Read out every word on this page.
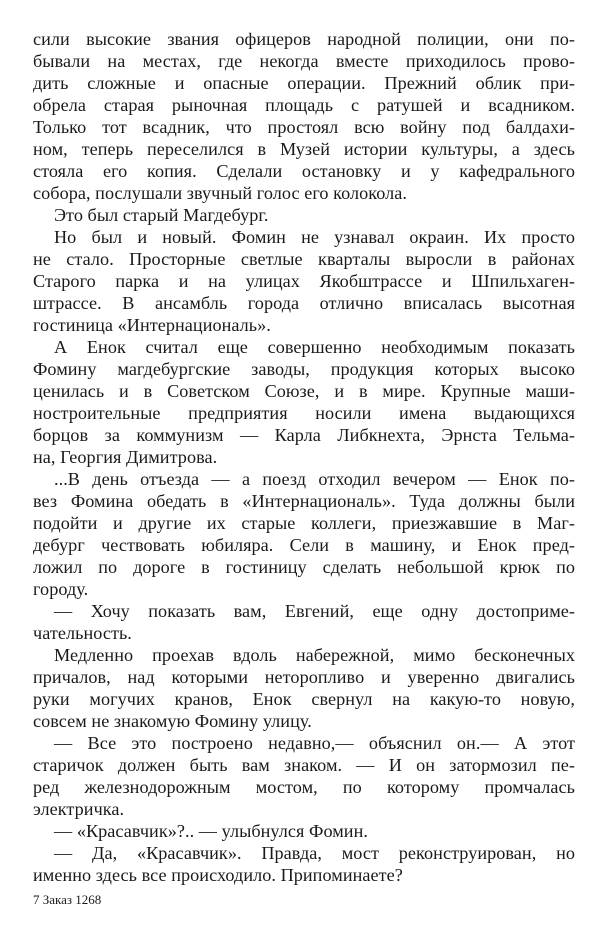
сили высокие звания офицеров народной полиции, они по-
бывали на местах, где некогда вместе приходилось прово-
дить сложные и опасные операции. Прежний облик при-
обрела старая рыночная площадь с ратушей и всадником.
Только тот всадник, что простоял всю войну под балдахи-
ном, теперь переселился в Музей истории культуры, а здесь
стояла его копия. Сделали остановку и у кафедрального
собора, послушали звучный голос его колокола.
Это был старый Магдебург.
Но был и новый. Фомин не узнавал окраин. Их просто
не стало. Просторные светлые кварталы выросли в районах
Старого парка и на улицах Якобштрассе и Шпильхаген-
штрассе. В ансамбль города отлично вписалась высотная
гостиница «Интернациональ».
А Енок считал еще совершенно необходимым показать
Фомину магдебургские заводы, продукция которых высоко
ценилась и в Советском Союзе, и в мире. Крупные маши-
ностроительные предприятия носили имена выдающихся
борцов за коммунизм — Карла Либкнехта, Эрнста Тельма-
на, Георгия Димитрова.
...В день отъезда — а поезд отходил вечером — Енок по-
вез Фомина обедать в «Интернациональ». Туда должны были
подойти и другие их старые коллеги, приезжавшие в Маг-
дебург чествовать юбиляра. Сели в машину, и Енок пред-
ложил по дороге в гостиницу сделать небольшой крюк по
городу.
— Хочу показать вам, Евгений, еще одну достоприме-
чательность.
Медленно проехав вдоль набережной, мимо бесконечных
причалов, над которыми неторопливо и уверенно двигались
руки могучих кранов, Енок свернул на какую-то новую,
совсем не знакомую Фомину улицу.
— Все это построено недавно,— объяснил он.— А этот
старичок должен быть вам знаком. — И он затормозил пе-
ред железнодорожным мостом, по которому промчалась
электричка.
— «Красавчик»?.. — улыбнулся Фомин.
— Да, «Красавчик». Правда, мост реконструирован, но
именно здесь все происходило. Припоминаете?
7 Заказ 1268
